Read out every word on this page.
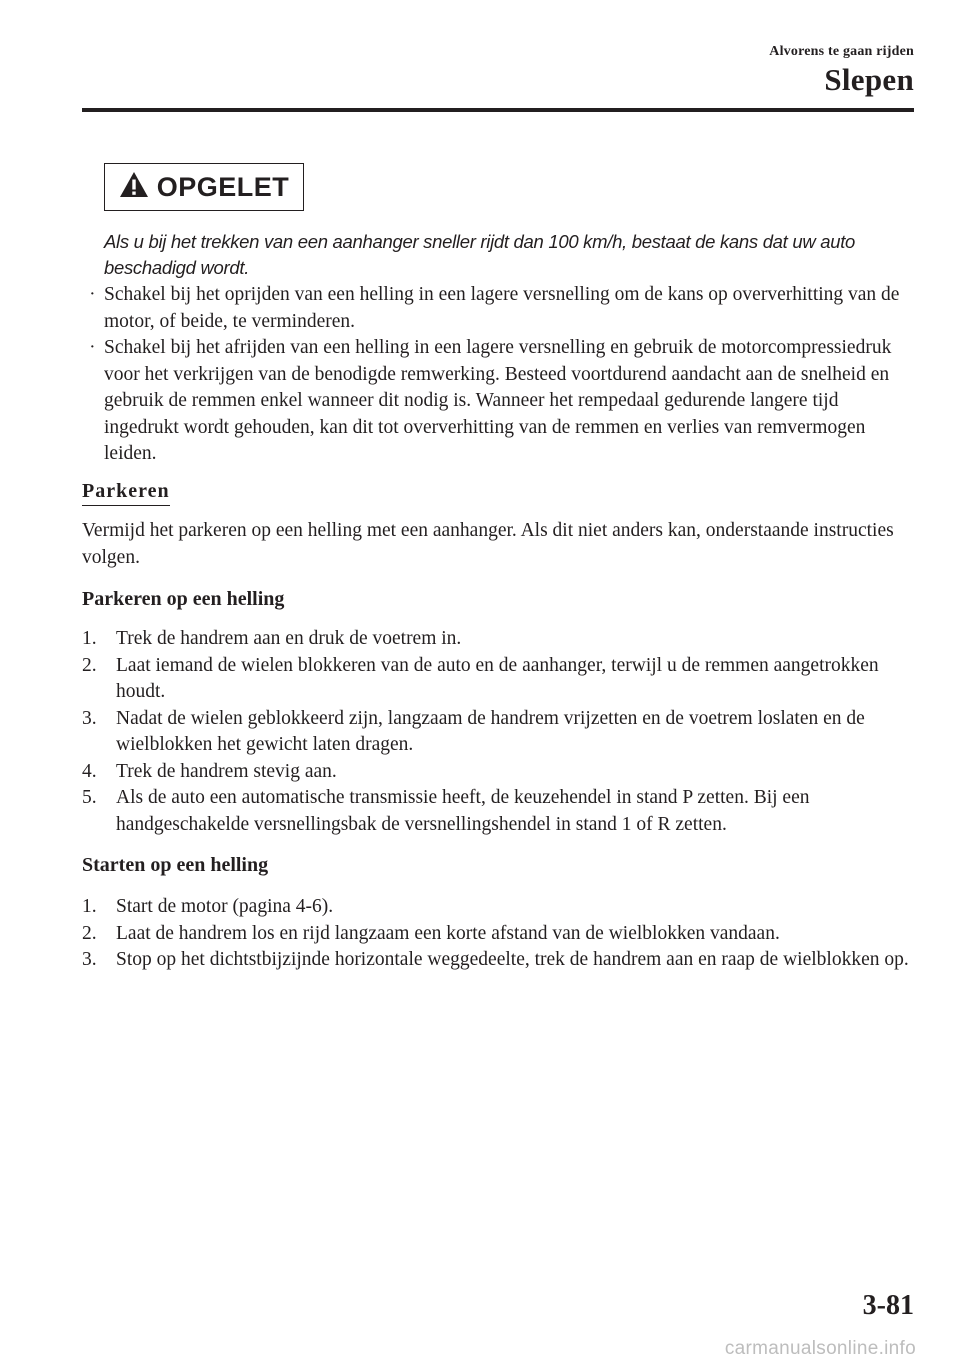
Alvorens te gaan rijden
Slepen
OPGELET
Als u bij het trekken van een aanhanger sneller rijdt dan 100 km/h, bestaat de kans dat uw auto beschadigd wordt.
· Schakel bij het oprijden van een helling in een lagere versnelling om de kans op oververhitting van de motor, of beide, te verminderen.
· Schakel bij het afrijden van een helling in een lagere versnelling en gebruik de motorcompressiedruk voor het verkrijgen van de benodigde remwerking. Besteed voortdurend aandacht aan de snelheid en gebruik de remmen enkel wanneer dit nodig is. Wanneer het rempedaal gedurende langere tijd ingedrukt wordt gehouden, kan dit tot oververhitting van de remmen en verlies van remvermogen leiden.
Parkeren
Vermijd het parkeren op een helling met een aanhanger. Als dit niet anders kan, onderstaande instructies volgen.
Parkeren op een helling
1. Trek de handrem aan en druk de voetrem in.
2. Laat iemand de wielen blokkeren van de auto en de aanhanger, terwijl u de remmen aangetrokken houdt.
3. Nadat de wielen geblokkeerd zijn, langzaam de handrem vrijzetten en de voetrem loslaten en de wielblokken het gewicht laten dragen.
4. Trek de handrem stevig aan.
5. Als de auto een automatische transmissie heeft, de keuzehendel in stand P zetten. Bij een handgeschakelde versnellingsbak de versnellingshendel in stand 1 of R zetten.
Starten op een helling
1. Start de motor (pagina 4-6).
2. Laat de handrem los en rijd langzaam een korte afstand van de wielblokken vandaan.
3. Stop op het dichtstbijzijnde horizontale weggedeelte, trek de handrem aan en raap de wielblokken op.
3-81
carmanualsonline.info
